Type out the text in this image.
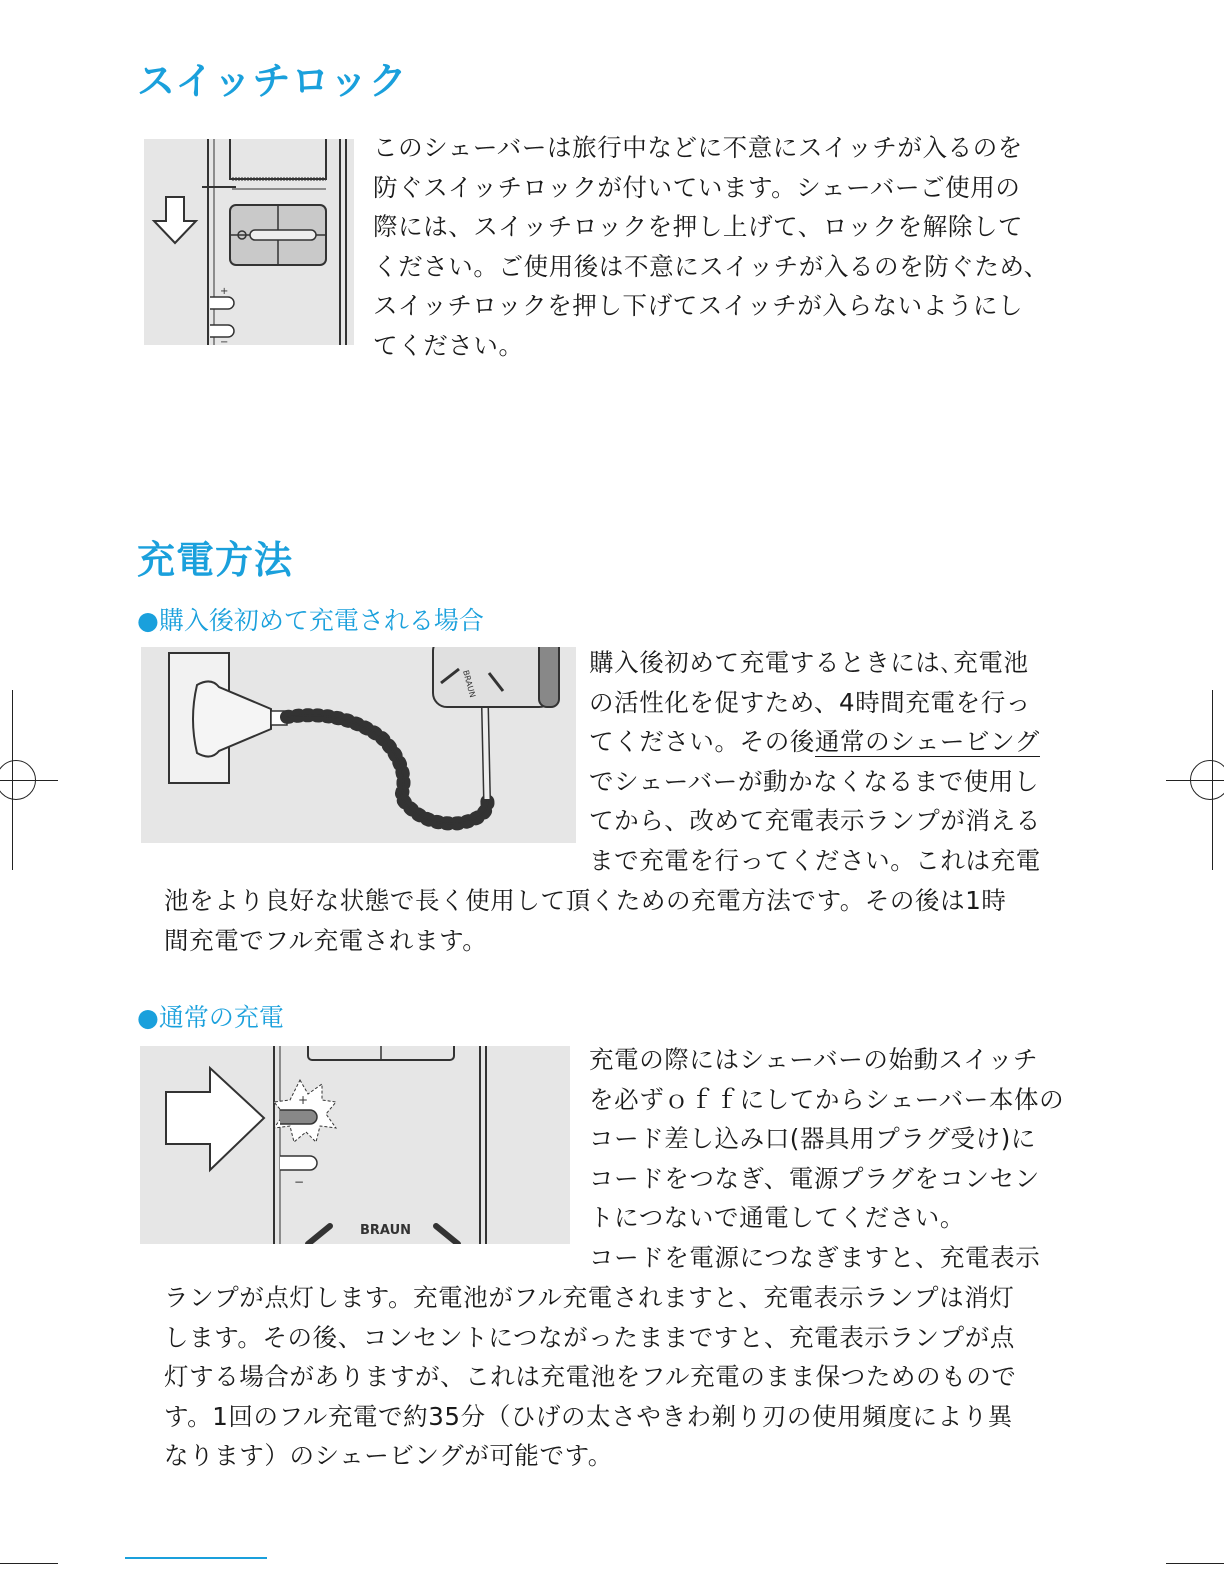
スイッチロック
+
−
このシェーバーは旅行中などに不意にスイッチが入るのを
防ぐスイッチロックが付いています。シェーバーご使用の
際には、スイッチロックを押し上げて、ロックを解除して
ください。ご使用後は不意にスイッチが入るのを防ぐため、
スイッチロックを押し下げてスイッチが入らないようにし
てください。
充電方法
●購入後初めて充電される場合
BRAUN
購入後初めて充電するときには､充電池
の活性化を促すため、4時間充電を行っ
てください。その後通常のシェービング
でシェーバーが動かなくなるまで使用し
てから、改めて充電表示ランプが消える
まで充電を行ってください。これは充電
池をより良好な状態で長く使用して頂くための充電方法です。その後は1時
間充電でフル充電されます。
●通常の充電
+
−
BRAUN
充電の際にはシェーバーの始動スイッチ
を必ずｏｆｆにしてからシェーバー本体の
コード差し込み口(器具用プラグ受け)に
コードをつなぎ、電源プラグをコンセン
トにつないで通電してください。
コードを電源につなぎますと、充電表示
ランプが点灯します。充電池がフル充電されますと、充電表示ランプは消灯
します。その後、コンセントにつながったままですと、充電表示ランプが点
灯する場合がありますが、これは充電池をフル充電のまま保つためのもので
す。1回のフル充電で約35分（ひげの太さやきわ剃り刃の使用頻度により異
なります）のシェービングが可能です。
